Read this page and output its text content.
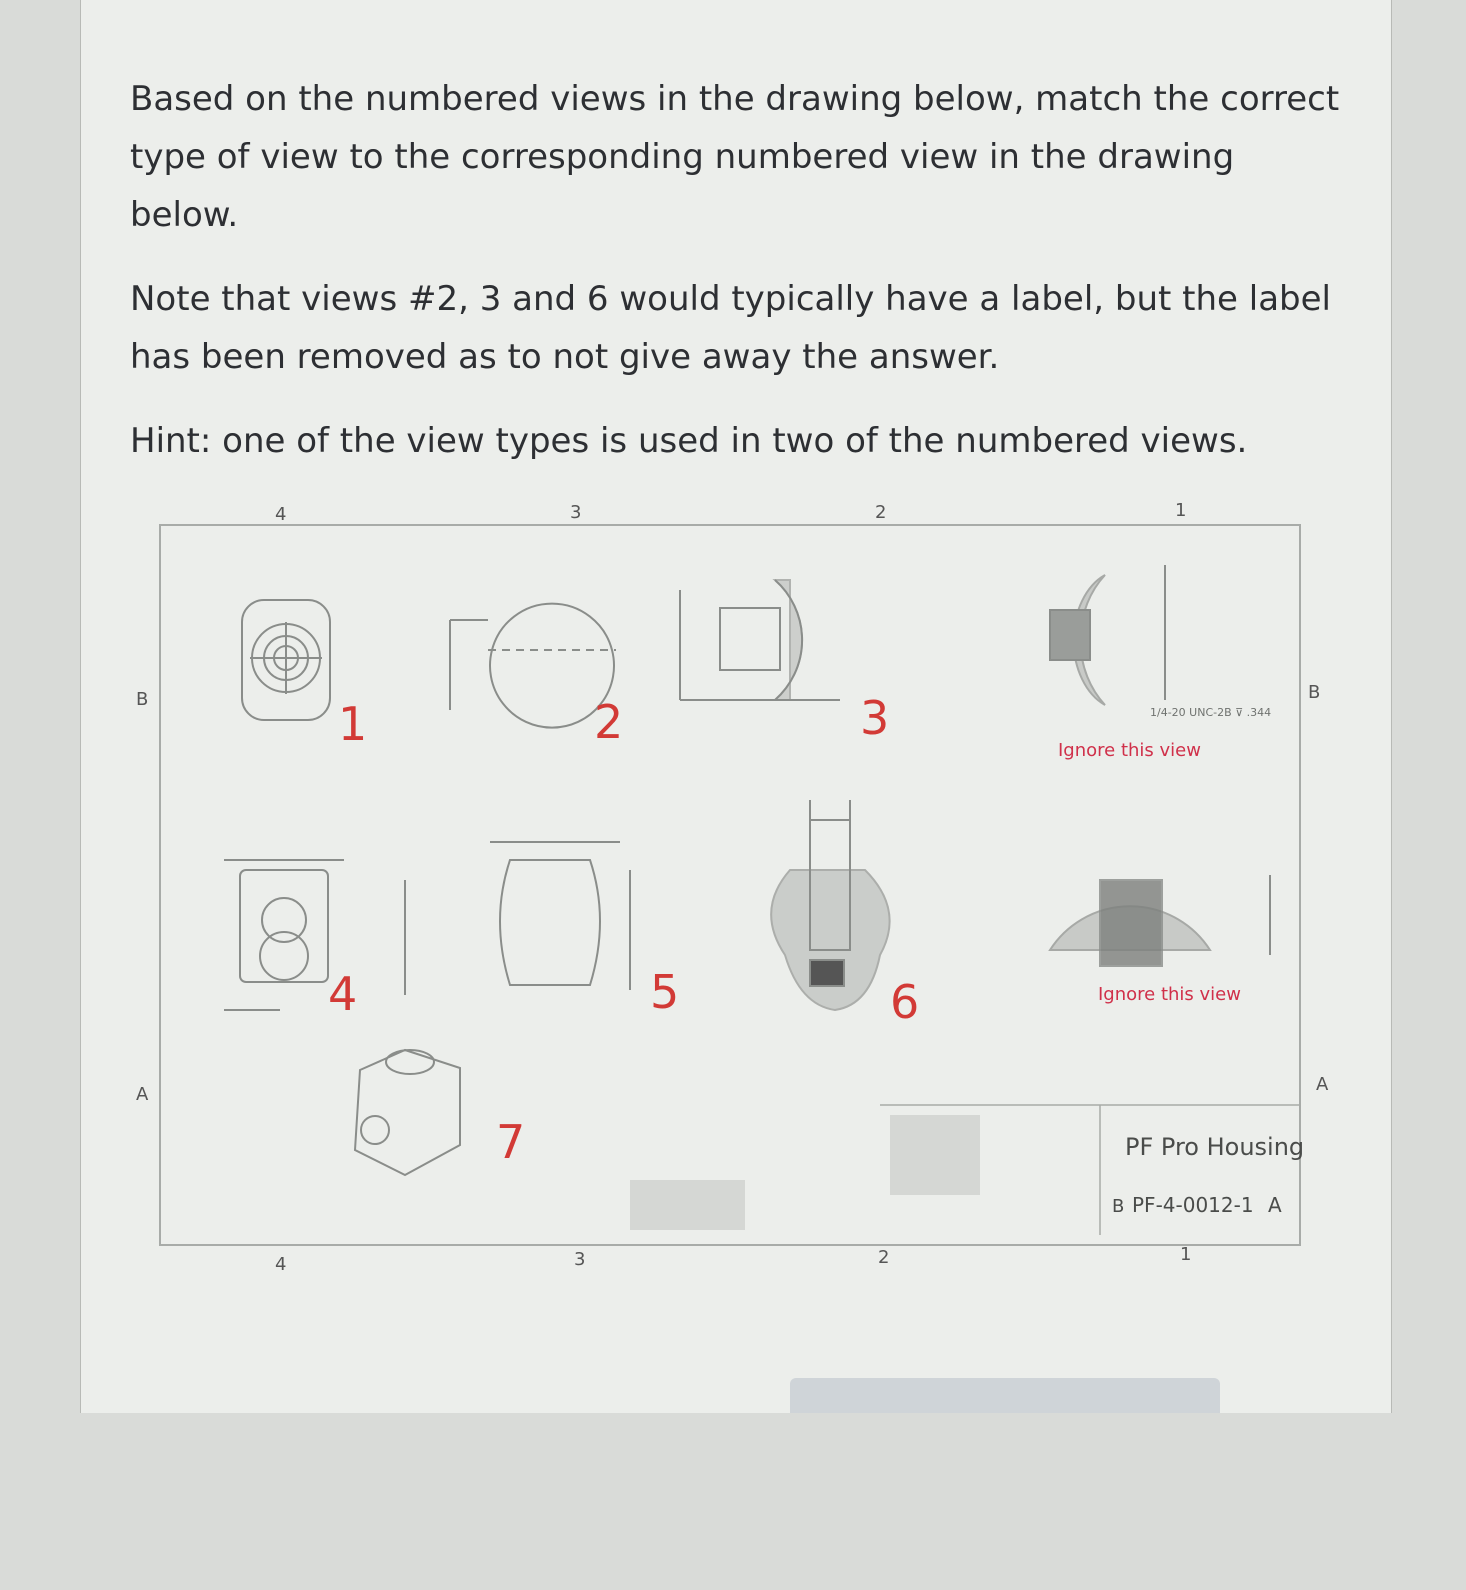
Based on the numbered views in the drawing below, match the correct type of view to the corresponding numbered view in the drawing below.

Note that views #2, 3 and 6 would typically have a label, but the label has been removed as to not give away the answer.

Hint: one of the view types is used in two of the numbered views.

4	3	2	1
B
A
B
A
4	3	2	1
1	2	3	1/4-20 UNC-2B ⊽ .344
Ignore this view
4	5	6	Ignore this view
7	PF Pro Housing
B PF-4-0012-1 A
